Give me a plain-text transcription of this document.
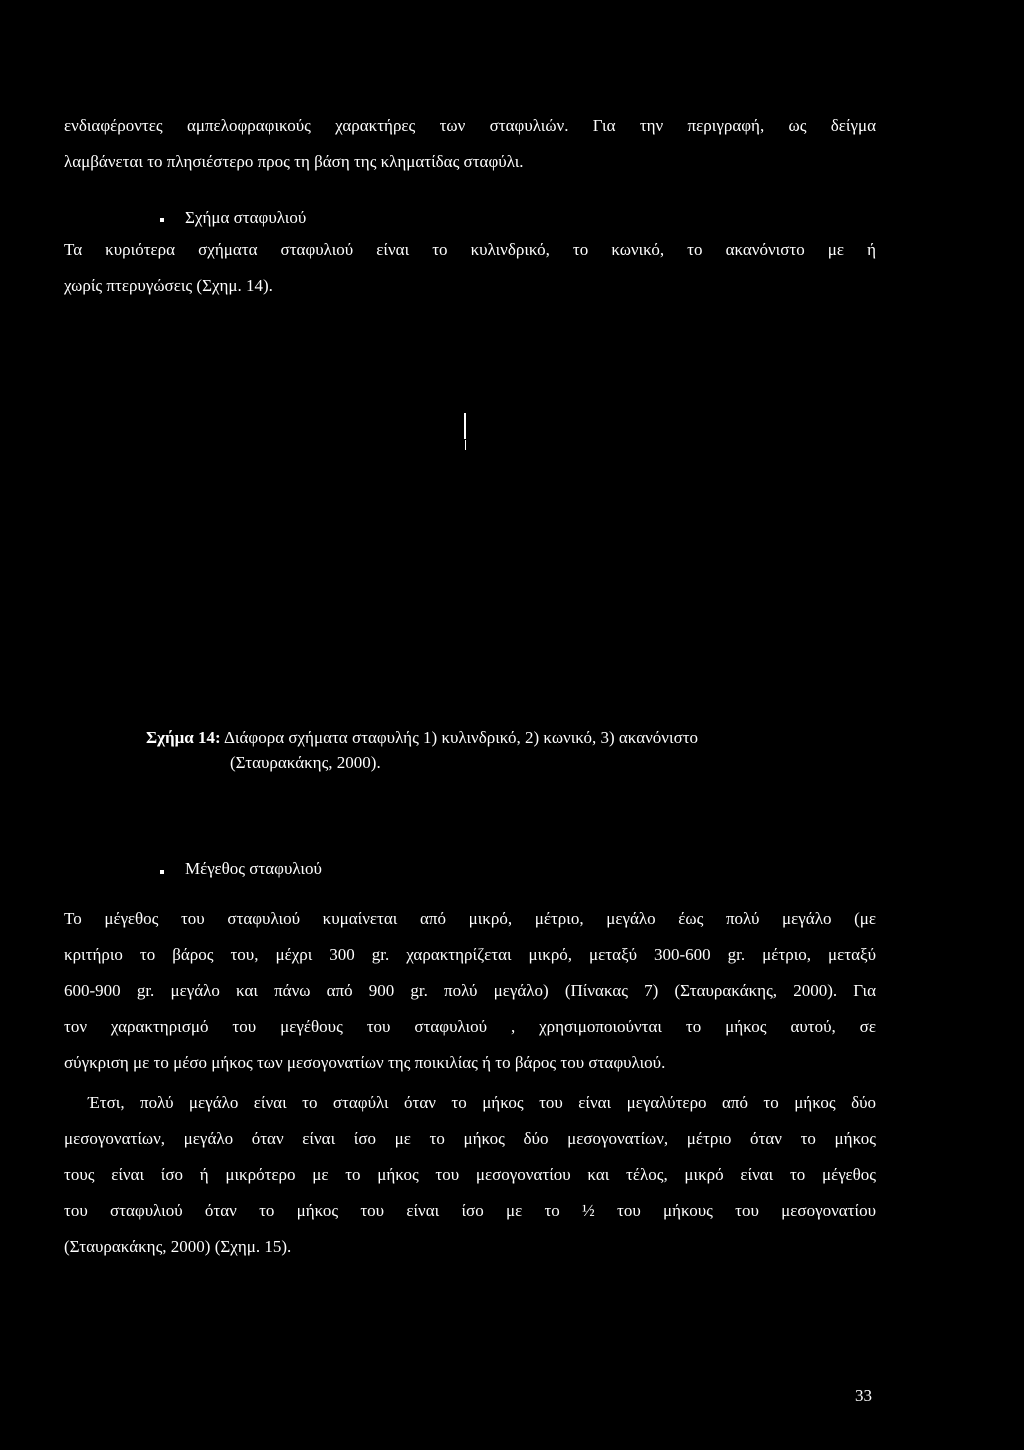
ενδιαφέροντες αμπελοφραφικούς χαρακτήρες των σταφυλιών. Για την περιγραφή, ως δείγμα
λαμβάνεται το πλησιέστερο προς τη βάση της κληματίδας σταφύλι.
Σχήμα σταφυλιού
Τα κυριότερα σχήματα σταφυλιού είναι το κυλινδρικό, το κωνικό, το ακανόνιστο με ή
χωρίς πτερυγώσεις (Σχημ. 14).
Σχήμα 14: Διάφορα σχήματα σταφυλής 1) κυλινδρικό, 2) κωνικό, 3) ακανόνιστο
(Σταυρακάκης, 2000).
Μέγεθος σταφυλιού
Το μέγεθος του σταφυλιού κυμαίνεται από μικρό, μέτριο, μεγάλο έως πολύ μεγάλο (με
κριτήριο το βάρος του, μέχρι 300 gr. χαρακτηρίζεται μικρό, μεταξύ 300-600 gr. μέτριο, μεταξύ
600-900 gr. μεγάλο και πάνω από 900 gr. πολύ μεγάλο) (Πίνακας 7) (Σταυρακάκης, 2000). Για
τον χαρακτηρισμό του μεγέθους του σταφυλιού , χρησιμοποιούνται το μήκος αυτού, σε
σύγκριση με το μέσο μήκος των μεσογονατίων της ποικιλίας ή το βάρος του σταφυλιού.
Έτσι, πολύ μεγάλο είναι το σταφύλι όταν το μήκος του είναι μεγαλύτερο από το μήκος δύο
μεσογονατίων, μεγάλο όταν είναι ίσο με το μήκος δύο μεσογονατίων, μέτριο όταν το μήκος
τους είναι ίσο ή μικρότερο με το μήκος του μεσογονατίου και τέλος, μικρό είναι το μέγεθος
του σταφυλιού όταν το μήκος του είναι ίσο με το ½ του μήκους του μεσογονατίου
(Σταυρακάκης, 2000) (Σχημ. 15).
33
